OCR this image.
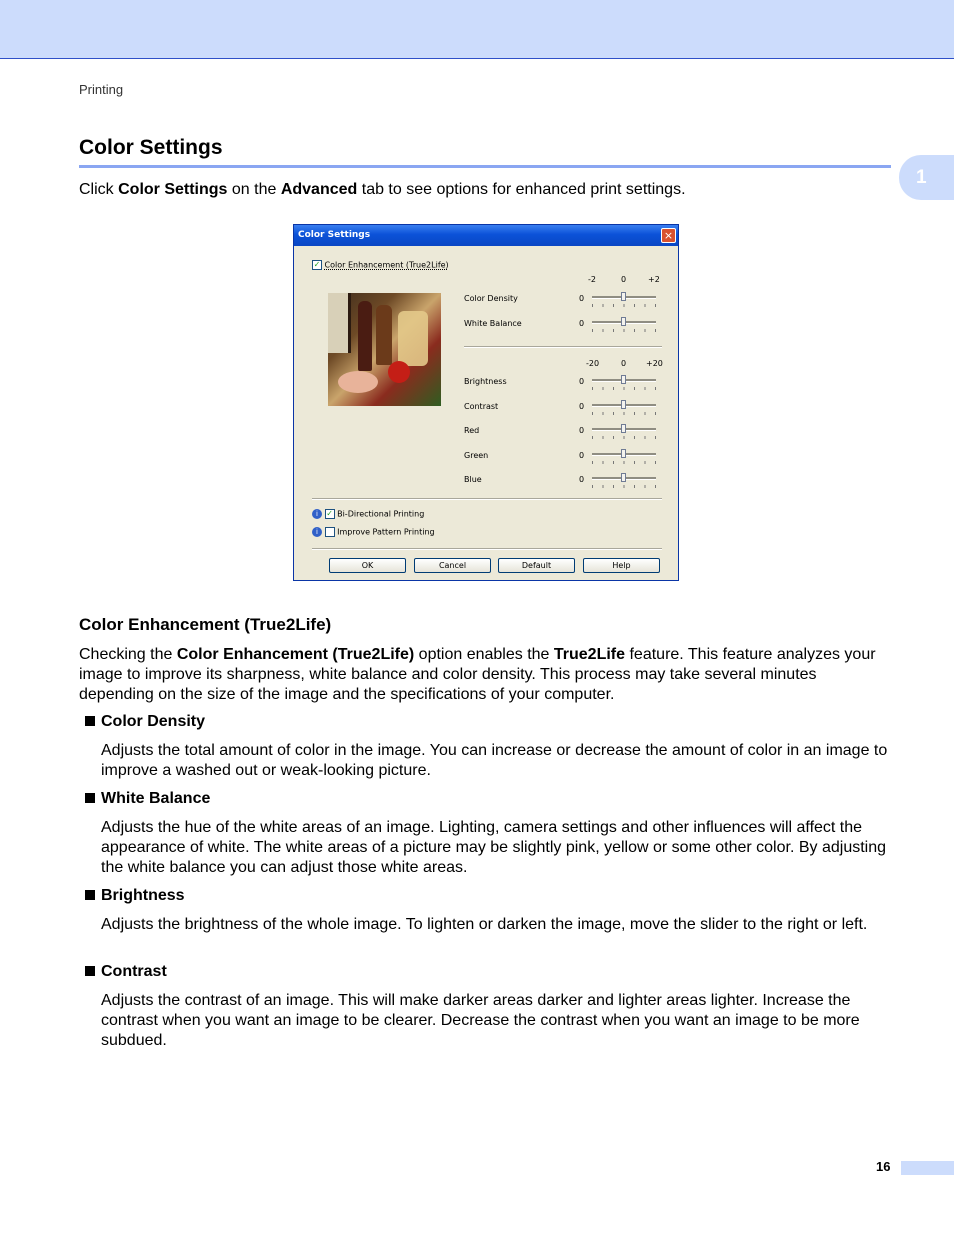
Printing
Color Settings
1
Click Color Settings on the Advanced tab to see options for enhanced print settings.
Color Settings	×
✓ Color Enhancement (True2Life)
-2	0	+2
Color Density	0
White Balance	0
-20	0 +20
Brightness	0
Contrast	0
Red	0
Green	0
Blue	0
i ✓ Bi-Directional Printing
i Improve Pattern Printing
OK	Cancel	Default	Help
Color Enhancement (True2Life)
Checking the Color Enhancement (True2Life) option enables the True2Life feature. This feature analyzes your image to improve its sharpness, white balance and color density. This process may take several minutes depending on the size of the image and the specifications of your computer.
Color Density
Adjusts the total amount of color in the image. You can increase or decrease the amount of color in an image to improve a washed out or weak-looking picture.
White Balance
Adjusts the hue of the white areas of an image. Lighting, camera settings and other influences will affect the appearance of white. The white areas of a picture may be slightly pink, yellow or some other color. By adjusting the white balance you can adjust those white areas.
Brightness
Adjusts the brightness of the whole image. To lighten or darken the image, move the slider to the right or left.
Contrast
Adjusts the contrast of an image. This will make darker areas darker and lighter areas lighter. Increase the contrast when you want an image to be clearer. Decrease the contrast when you want an image to be more subdued.
16
